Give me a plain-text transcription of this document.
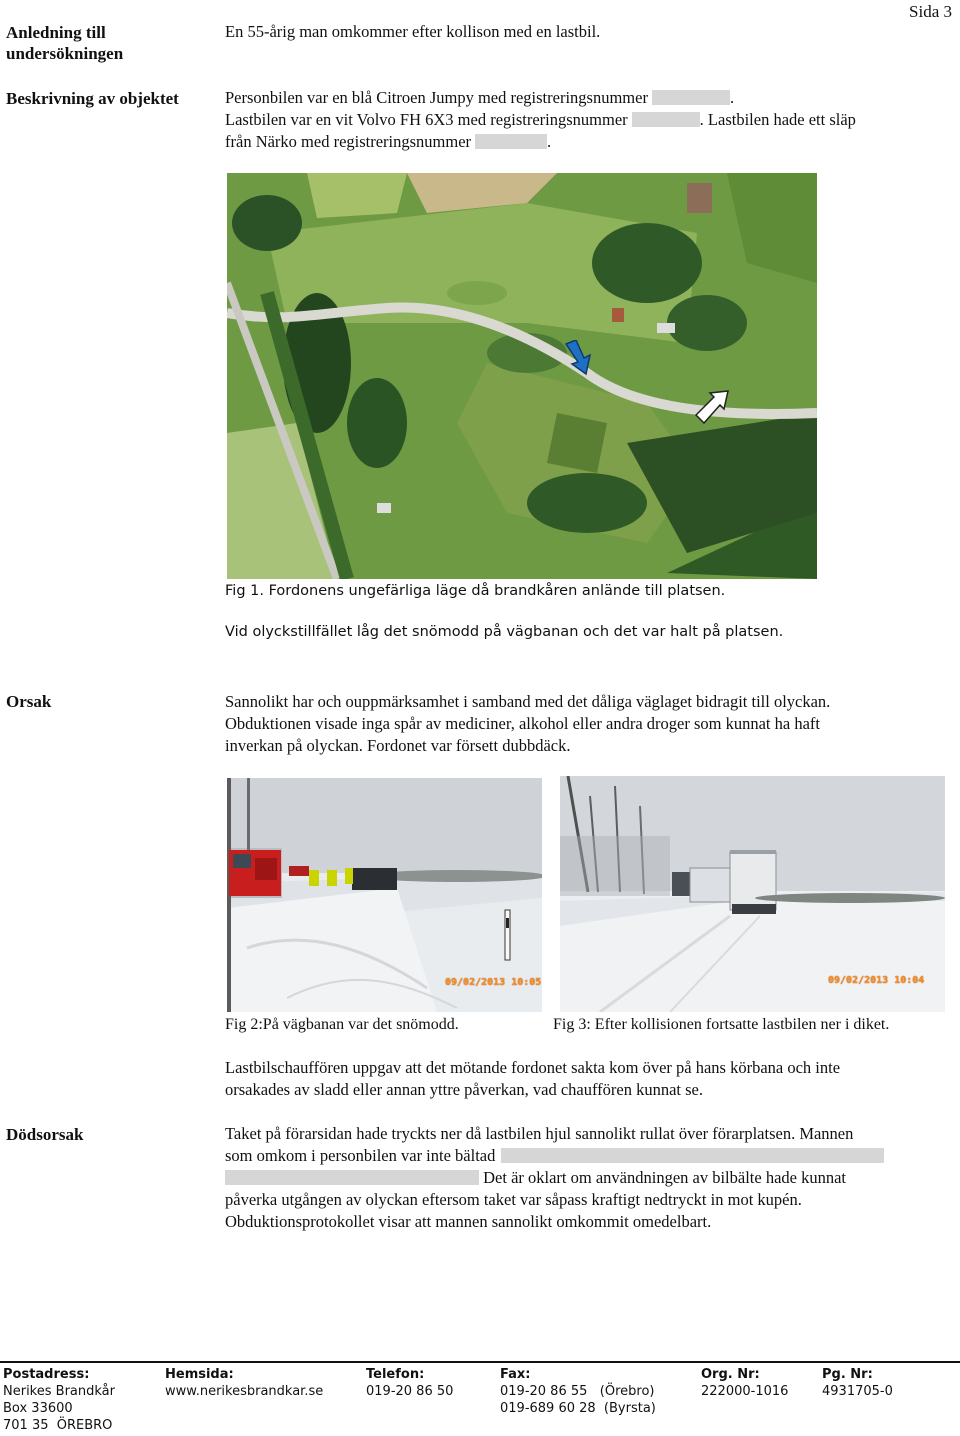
Sida 3
Anledning till
undersökningen
En 55-årig man omkommer efter kollison med en lastbil.
Beskrivning av objektet	Personbilen var en blå Citroen Jumpy med registreringsnummer	.
Lastbilen var en vit Volvo FH 6X3 med registreringsnummer	. Lastbilen hade ett släp
från Närko med registreringsnummer	.
Fig 1. Fordonens ungefärliga läge då brandkåren anlände till platsen.
Vid olyckstillfället låg det snömodd på vägbanan och det var halt på platsen.
Orsak	Sannolikt har och ouppmärksamhet i samband med det dåliga väglaget bidragit till olyckan.
Obduktionen visade inga spår av mediciner, alkohol eller andra droger som kunnat ha haft
inverkan på olyckan. Fordonet var försett dubbdäck.
09/02/2013 10:05	09/02/2013 10:04
Fig 2:På vägbanan var det snömodd.	Fig 3: Efter kollisionen fortsatte lastbilen ner i diket.
Lastbilschauffören uppgav att det mötande fordonet sakta kom över på hans körbana och inte
orsakades av sladd eller annan yttre påverkan, vad chauffören kunnat se.
Dödsorsak	Taket på förarsidan hade tryckts ner då lastbilen hjul sannolikt rullat över förarplatsen. Mannen
som omkom i personbilen var inte bältad
Det är oklart om användningen av bilbälte hade kunnat
påverka utgången av olyckan eftersom taket var såpass kraftigt nedtryckt in mot kupén.
Obduktionsprotokollet visar att mannen sannolikt omkommit omedelbart.
Postadress:
Nerikes Brandkår
Box 33600
701 35  ÖREBRO
Hemsida:
www.nerikesbrandkar.se
Telefon:
019-20 86 50
Fax:
019-20 86 55   (Örebro)
019-689 60 28  (Byrsta)
Org. Nr:
222000-1016
Pg. Nr:
4931705-0
